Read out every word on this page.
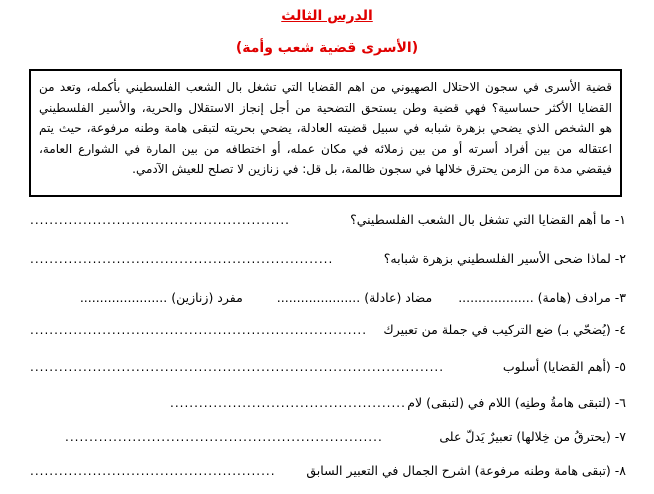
الدرس الثالث
(الأسرى قضية شعب وأمة)
قضية الأسرى في سجون الاحتلال الصهيوني من اهم القضايا التي تشغل بال الشعب الفلسطيني بأكمله، وتعد من
القضايا الأكثر حساسية؟ فهي قضية وطن يستحق التضحية من أجل إنجاز الاستقلال والحرية، والأسير الفلسطيني
هو الشخص الذي يضحي بزهرة شبابه في سبيل قضيته العادلة، يضحي بحريته لتبقى هامة وطنه مرفوعة، حيث يتم
اعتقاله من بين أفراد أسرته أو من بين زملائه في مكان عمله، أو اختطافه من بين المارة في الشوارع العامة،
فيقضي مدة من الزمن يحترق خلالها في سجون ظالمة، بل قل: في زنازين لا تصلح للعيش الآدمي.
١- ما أهم القضايا التي تشغل بال الشعب الفلسطيني؟
......................................................
٢- لماذا ضحى الأسير الفلسطيني بزهرة شبابه؟
...............................................................
٣- مرادف (هامة) ................... مضاد (عادلة) ..................... مفرد (زنازين) ......................
٤- (يُضحّي بـ) ضع التركيب في جملة من تعبيرك
......................................................................
٥- (أهم القضايا) أسلوب
......................................................................................
٦- (لتبقى هامةُ وطنِه) اللام في (لتبقى) لام
.................................................
٧- (يحترقُ من خِلالها) تعبيرٌ يَدلّ على
..................................................................
٨- (تبقى هامة وطنه مرفوعة) اشرح الجمال في التعبير السابق
...................................................
